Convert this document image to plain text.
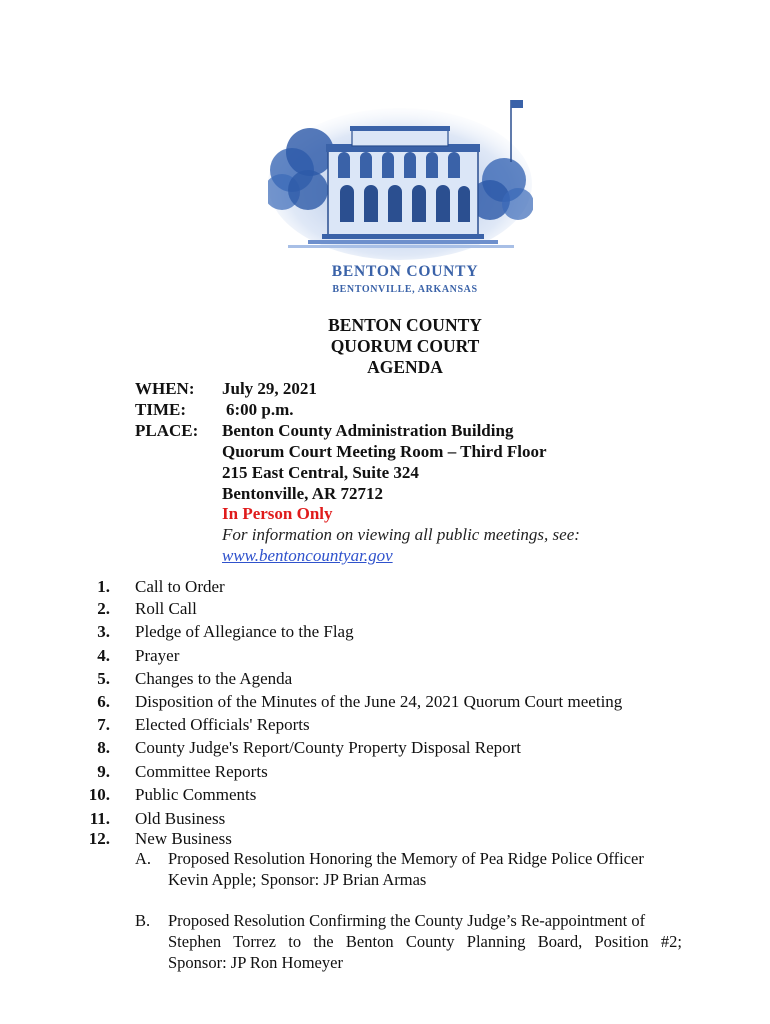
BENTON COUNTY
BENTONVILLE, ARKANSAS
BENTON COUNTY
QUORUM COURT
AGENDA
WHEN: July 29, 2021
TIME: 6:00 p.m.
PLACE: Benton County Administration Building
Quorum Court Meeting Room – Third Floor
215 East Central, Suite 324
Bentonville, AR 72712
In Person Only
For information on viewing all public meetings, see:
www.bentoncountyar.gov
1. Call to Order
2. Roll Call
3. Pledge of Allegiance to the Flag
4. Prayer
5. Changes to the Agenda
6. Disposition of the Minutes of the June 24, 2021 Quorum Court meeting
7. Elected Officials' Reports
8. County Judge's Report/County Property Disposal Report
9. Committee Reports
10. Public Comments
11. Old Business
12. New Business
A. Proposed Resolution Honoring the Memory of Pea Ridge Police Officer
Kevin Apple; Sponsor: JP Brian Armas
B. Proposed Resolution Confirming the County Judge’s Re-appointment of
Stephen Torrez to the Benton County Planning Board, Position #2;
Sponsor: JP Ron Homeyer
